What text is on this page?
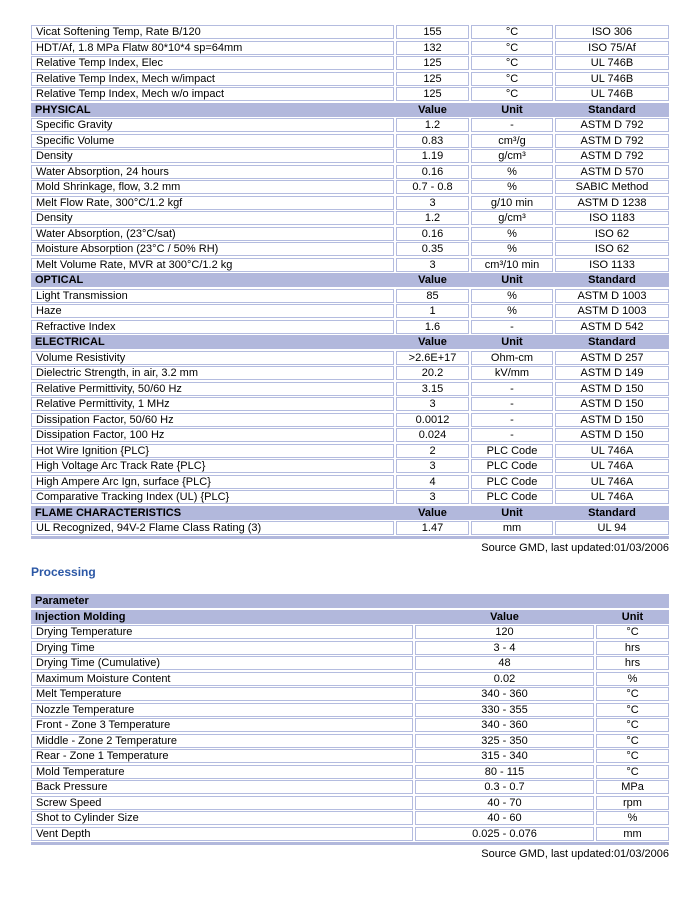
Vicat Softening Temp, Rate B/120	155	°C	ISO 306
HDT/Af, 1.8 MPa Flatw 80*10*4 sp=64mm	132	°C	ISO 75/Af
Relative Temp Index, Elec	125	°C	UL 746B
Relative Temp Index, Mech w/impact	125	°C	UL 746B
Relative Temp Index, Mech w/o impact	125	°C	UL 746B
PHYSICAL	Value	Unit	Standard
Specific Gravity	1.2	-	ASTM D 792
Specific Volume	0.83	cm³/g	ASTM D 792
Density	1.19	g/cm³	ASTM D 792
Water Absorption, 24 hours	0.16	%	ASTM D 570
Mold Shrinkage, flow, 3.2 mm	0.7 - 0.8	%	SABIC Method
Melt Flow Rate, 300°C/1.2 kgf	3	g/10 min	ASTM D 1238
Density	1.2	g/cm³	ISO 1183
Water Absorption, (23°C/sat)	0.16	%	ISO 62
Moisture Absorption (23°C / 50% RH)	0.35	%	ISO 62
Melt Volume Rate, MVR at 300°C/1.2 kg	3	cm³/10 min	ISO 1133
OPTICAL	Value	Unit	Standard
Light Transmission	85	%	ASTM D 1003
Haze	1	%	ASTM D 1003
Refractive Index	1.6	-	ASTM D 542
ELECTRICAL	Value	Unit	Standard
Volume Resistivity	>2.6E+17	Ohm-cm	ASTM D 257
Dielectric Strength, in air, 3.2 mm	20.2	kV/mm	ASTM D 149
Relative Permittivity, 50/60 Hz	3.15	-	ASTM D 150
Relative Permittivity, 1 MHz	3	-	ASTM D 150
Dissipation Factor, 50/60 Hz	0.0012	-	ASTM D 150
Dissipation Factor, 100 Hz	0.024	-	ASTM D 150
Hot Wire Ignition {PLC}	2	PLC Code	UL 746A
High Voltage Arc Track Rate {PLC}	3	PLC Code	UL 746A
High Ampere Arc Ign, surface {PLC}	4	PLC Code	UL 746A
Comparative Tracking Index (UL) {PLC}	3	PLC Code	UL 746A
FLAME CHARACTERISTICS	Value	Unit	Standard
UL Recognized, 94V-2 Flame Class Rating (3)	1.47	mm	UL 94
Source GMD, last updated:01/03/2006
Processing
Parameter
Injection Molding	Value	Unit
Drying Temperature	120	°C
Drying Time	3 - 4	hrs
Drying Time (Cumulative)	48	hrs
Maximum Moisture Content	0.02	%
Melt Temperature	340 - 360	°C
Nozzle Temperature	330 - 355	°C
Front - Zone 3 Temperature	340 - 360	°C
Middle - Zone 2 Temperature	325 - 350	°C
Rear - Zone 1 Temperature	315 - 340	°C
Mold Temperature	80 - 115	°C
Back Pressure	0.3 - 0.7	MPa
Screw Speed	40 - 70	rpm
Shot to Cylinder Size	40 - 60	%
Vent Depth	0.025 - 0.076	mm
Source GMD, last updated:01/03/2006
